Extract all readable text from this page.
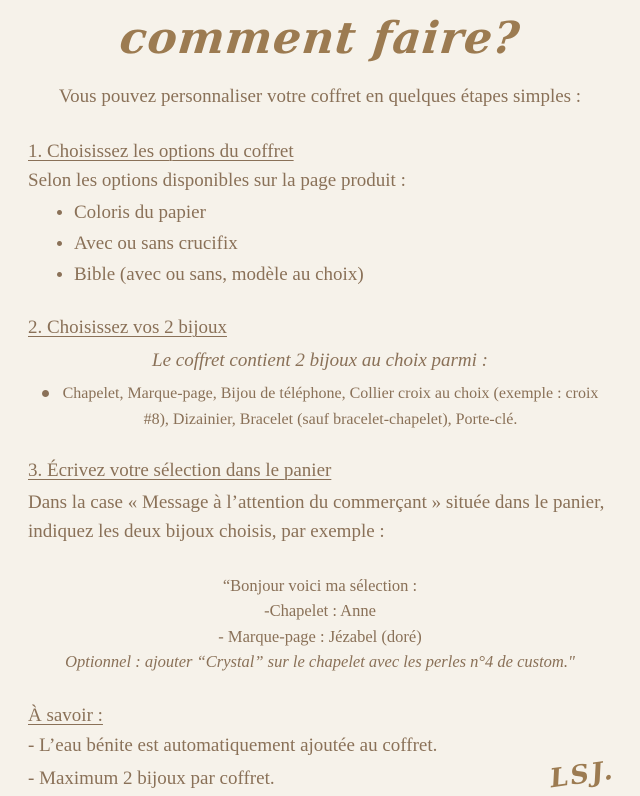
comment faire?
Vous pouvez personnaliser votre coffret en quelques étapes simples :
1. Choisissez les options du coffret
Selon les options disponibles sur la page produit :
• Coloris du papier
• Avec ou sans crucifix
• Bible (avec ou sans, modèle au choix)
2. Choisissez vos 2 bijoux
Le coffret contient 2 bijoux au choix parmi :
Chapelet, Marque-page, Bijou de téléphone, Collier croix au choix (exemple : croix #8), Dizainier, Bracelet (sauf bracelet-chapelet), Porte-clé.
3. Écrivez votre sélection dans le panier
Dans la case « Message à l’attention du commerçant » située dans le panier, indiquez les deux bijoux choisis, par exemple :
“Bonjour voici ma sélection :
-Chapelet : Anne
- Marque-page : Jézabel (doré)
Optionnel : ajouter “Crystal” sur le chapelet avec les perles n°4 de custom."
À savoir :
- L’eau bénite est automatiquement ajoutée au coffret.
- Maximum 2 bijoux par coffret.	LSJ.
